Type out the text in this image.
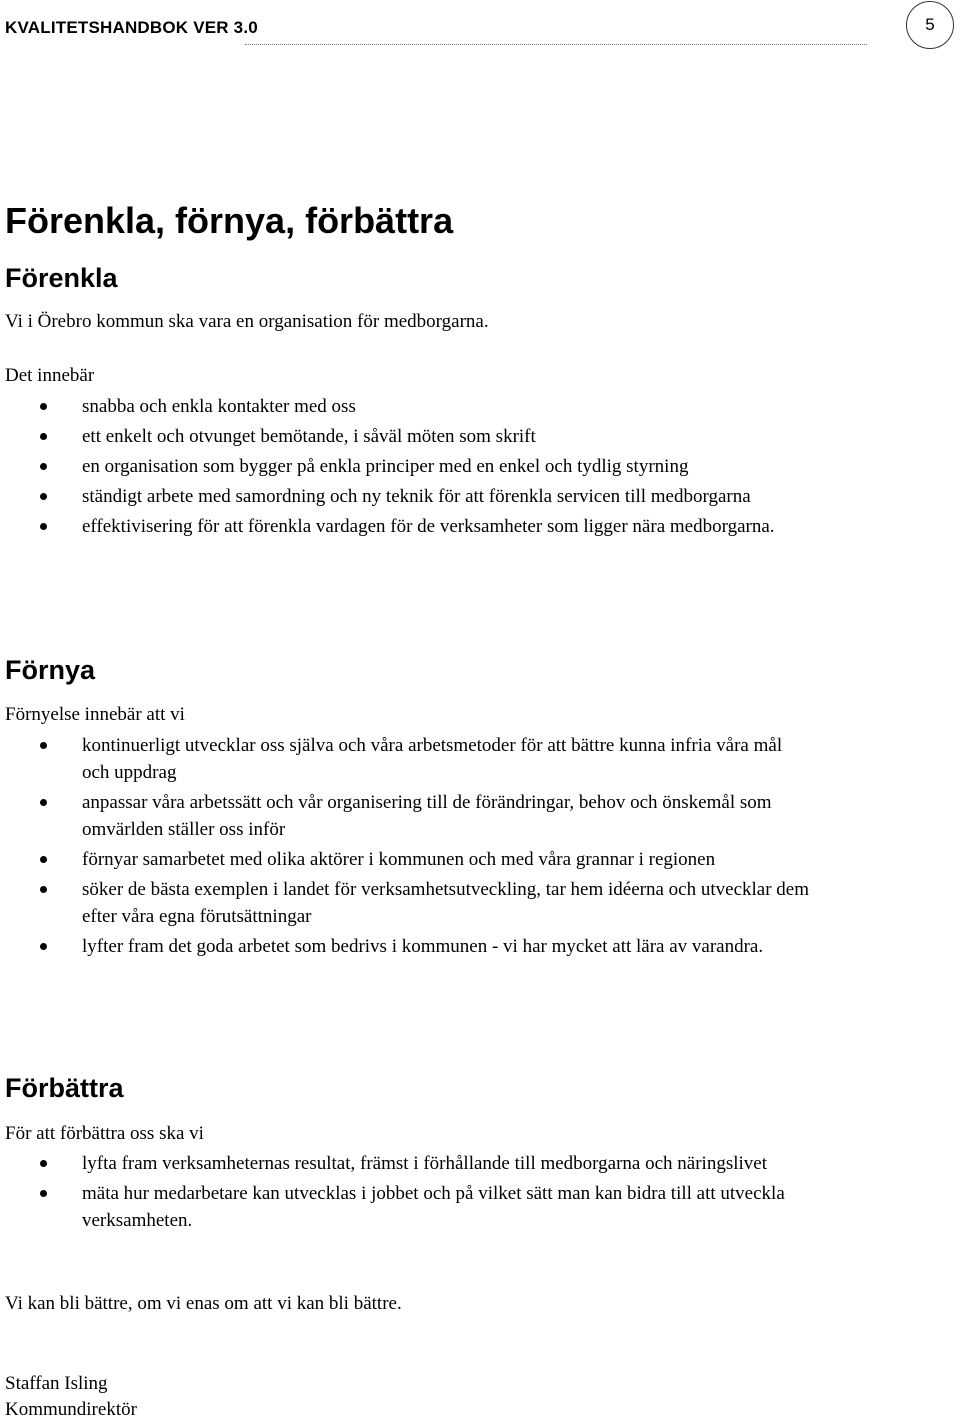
KVALITETSHANDBOK VER 3.0	5
Förenkla, förnya, förbättra
Förenkla

Vi i Örebro kommun ska vara en organisation för medborgarna.

Det innebär

snabba och enkla kontakter med oss
ett enkelt och otvunget bemötande, i såväl möten som skrift
en organisation som bygger på enkla principer med en enkel och tydlig styrning
ständigt arbete med samordning och ny teknik för att förenkla servicen till medborgarna
effektivisering för att förenkla vardagen för de verksamheter som ligger nära medborgarna.
Förnya

Förnyelse innebär att vi

kontinuerligt utvecklar oss själva och våra arbetsmetoder för att bättre kunna infria våra mål och uppdrag
anpassar våra arbetssätt och vår organisering till de förändringar, behov och önskemål som omvärlden ställer oss inför
förnyar samarbetet med olika aktörer i kommunen och med våra grannar i regionen
söker de bästa exemplen i landet för verksamhetsutveckling, tar hem idéerna och utvecklar dem efter våra egna förutsättningar
lyfter fram det goda arbetet som bedrivs i kommunen - vi har mycket att lära av varandra.
Förbättra

För att förbättra oss ska vi

lyfta fram verksamheternas resultat, främst i förhållande till medborgarna och näringslivet
mäta hur medarbetare kan utvecklas i jobbet och på vilket sätt man kan bidra till att utveckla verksamheten.

Vi kan bli bättre, om vi enas om att vi kan bli bättre.

Staffan Isling

Kommundirektör
